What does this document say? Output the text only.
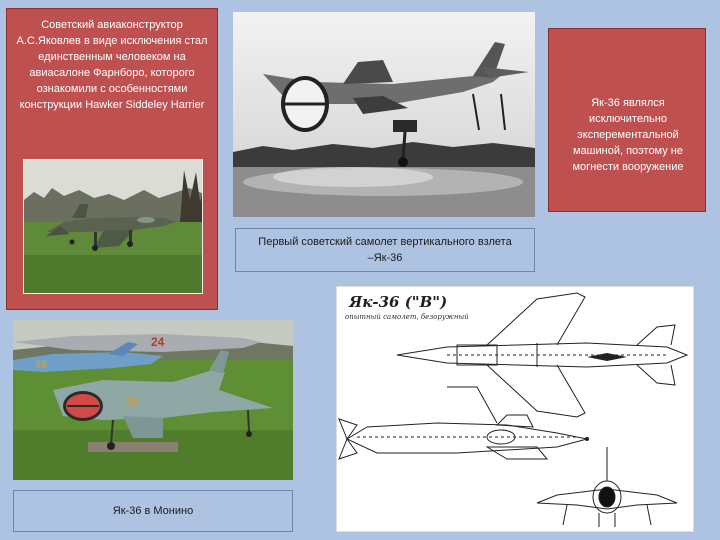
Советский авиаконструктор А.С.Яковлев в виде исключения стал единственным человеком на авиасалоне Фарнборо, которого ознакомили с особенностями конструкции Hawker Siddeley Harrier	Як-36 являлся исключительно эксперементальной машиной, поэтому не могнести вооружение

Первый советский самолет вертикального взлета –Як-36
24
38
38
Як-36 в Монино
Як-36 ("В")
опытный самолет, безоружный
